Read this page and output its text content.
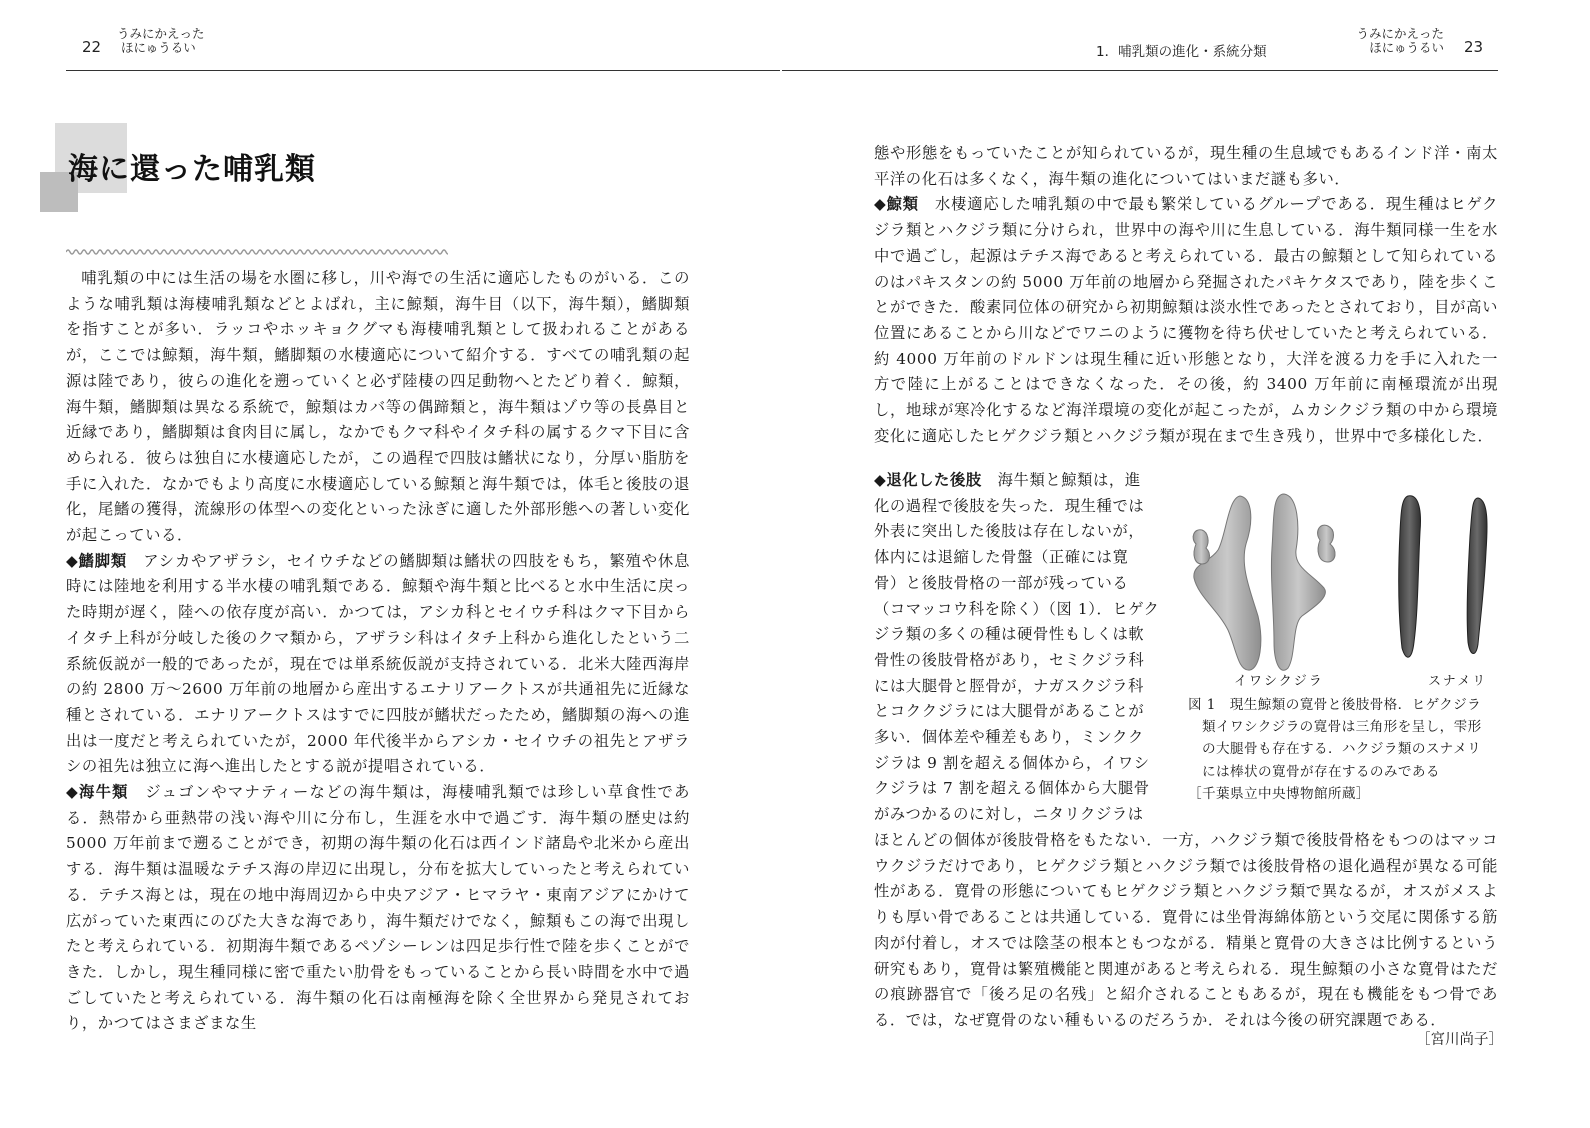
22
うみにかえった
ほにゅうるい	1．哺乳類の進化・系統分類
うみにかえった
ほにゅうるい 23
海に還った哺乳類

哺乳類の中には生活の場を水圏に移し，川や海での生活に適応したものがいる．このような哺乳類は海棲哺乳類などとよばれ，主に鯨類，海牛目（以下，海牛類），鰭脚類を指すことが多い．ラッコやホッキョクグマも海棲哺乳類として扱われることがあるが，ここでは鯨類，海牛類，鰭脚類の水棲適応について紹介する．すべての哺乳類の起源は陸であり，彼らの進化を遡っていくと必ず陸棲の四足動物へとたどり着く．鯨類，海牛類，鰭脚類は異なる系統で，鯨類はカバ等の偶蹄類と，海牛類はゾウ等の長鼻目と近縁であり，鰭脚類は食肉目に属し，なかでもクマ科やイタチ科の属するクマ下目に含められる．彼らは独自に水棲適応したが，この過程で四肢は鰭状になり，分厚い脂肪を手に入れた．なかでもより高度に水棲適応している鯨類と海牛類では，体毛と後肢の退化，尾鰭の獲得，流線形の体型への変化といった泳ぎに適した外部形態への著しい変化が起こっている．

◆鰭脚類　 アシカやアザラシ，セイウチなどの鰭脚類は鰭状の四肢をもち，繁殖や休息時には陸地を利用する半水棲の哺乳類である．鯨類や海牛類と比べると水中生活に戻った時期が遅く，陸への依存度が高い．かつては，アシカ科とセイウチ科はクマ下目からイタチ上科が分岐した後のクマ類から，アザラシ科はイタチ上科から進化したという二系統仮説が一般的であったが，現在では単系統仮説が支持されている．北米大陸西海岸の約 2800 万～2600 万年前の地層から産出するエナリアークトスが共通祖先に近縁な種とされている．エナリアークトスはすでに四肢が鰭状だったため，鰭脚類の海への進出は一度だと考えられていたが，2000 年代後半からアシカ・セイウチの祖先とアザラシの祖先は独立に海へ進出したとする説が提唱されている．

◆海牛類　 ジュゴンやマナティーなどの海牛類は，海棲哺乳類では珍しい草食性である．熱帯から亜熱帯の浅い海や川に分布し，生涯を水中で過ごす．海牛類の歴史は約 5000 万年前まで遡ることができ，初期の海牛類の化石は西インド諸島や北米から産出する．海牛類は温暖なテチス海の岸辺に出現し，分布を拡大していったと考えられている．テチス海とは，現在の地中海周辺から中央アジア・ヒマラヤ・東南アジアにかけて広がっていた東西にのびた大きな海であり，海牛類だけでなく，鯨類もこの海で出現したと考えられている．初期海牛類であるペゾシーレンは四足歩行性で陸を歩くことができた．しかし，現生種同様に密で重たい肋骨をもっていることから長い時間を水中で過ごしていたと考えられている．海牛類の化石は南極海を除く全世界から発見されており，かつてはさまざまな生

態や形態をもっていたことが知られているが，現生種の生息域でもあるインド洋・南太平洋の化石は多くなく，海牛類の進化についてはいまだ謎も多い．

◆鯨類　 水棲適応した哺乳類の中で最も繁栄しているグループである．現生種はヒゲクジラ類とハクジラ類に分けられ，世界中の海や川に生息している．海牛類同様一生を水中で過ごし，起源はテチス海であると考えられている．最古の鯨類として知られているのはパキスタンの約 5000 万年前の地層から発掘されたパキケタスであり，陸を歩くことができた．酸素同位体の研究から初期鯨類は淡水性であったとされており，目が高い位置にあることから川などでワニのように獲物を待ち伏せしていたと考えられている．約 4000 万年前のドルドンは現生種に近い形態となり，大洋を渡る力を手に入れた一方で陸に上がることはできなくなった．その後，約 3400 万年前に南極環流が出現し，地球が寒冷化するなど海洋環境の変化が起こったが，ムカシクジラ類の中から環境変化に適応したヒゲクジラ類とハクジラ類が現在まで生き残り，世界中で多様化した．

◆退化した後肢　 海牛類と鯨類は，進
化の過程で後肢を失った．現生種では
外表に突出した後肢は存在しないが，
体内には退縮した骨盤（正確には寛
骨）と後肢骨格の一部が残っている
（コマッコウ科を除く）（図 1）．ヒゲク
ジラ類の多くの種は硬骨性もしくは軟
骨性の後肢骨格があり，セミクジラ科
には大腿骨と脛骨が，ナガスクジラ科
とコククジラには大腿骨があることが
多い．個体差や種差もあり，ミンクク
ジラは 9 割を超える個体から，イワシ
クジラは 7 割を超える個体から大腿骨
がみつかるのに対し，ニタリクジラは
イワシクジラ	スナメリ
図 1　現生鯨類の寛骨と後肢骨格．ヒゲクジラ
類イワシクジラの寛骨は三角形を呈し，雫形
の大腿骨も存在する．ハクジラ類のスナメリ
には棒状の寛骨が存在するのみである
［千葉県立中央博物館所蔵］

ほとんどの個体が後肢骨格をもたない．一方，ハクジラ類で後肢骨格をもつのはマッコウクジラだけであり，ヒゲクジラ類とハクジラ類では後肢骨格の退化過程が異なる可能性がある．寛骨の形態についてもヒゲクジラ類とハクジラ類で異なるが，オスがメスよりも厚い骨であることは共通している．寛骨には坐骨海綿体筋という交尾に関係する筋肉が付着し，オスでは陰茎の根本ともつながる．精巣と寛骨の大きさは比例するという研究もあり，寛骨は繁殖機能と関連があると考えられる．現生鯨類の小さな寛骨はただの痕跡器官で「後ろ足の名残」と紹介されることもあるが，現在も機能をもつ骨である．では，なぜ寛骨のない種もいるのだろうか．それは今後の研究課題である．

［宮川尚子］
